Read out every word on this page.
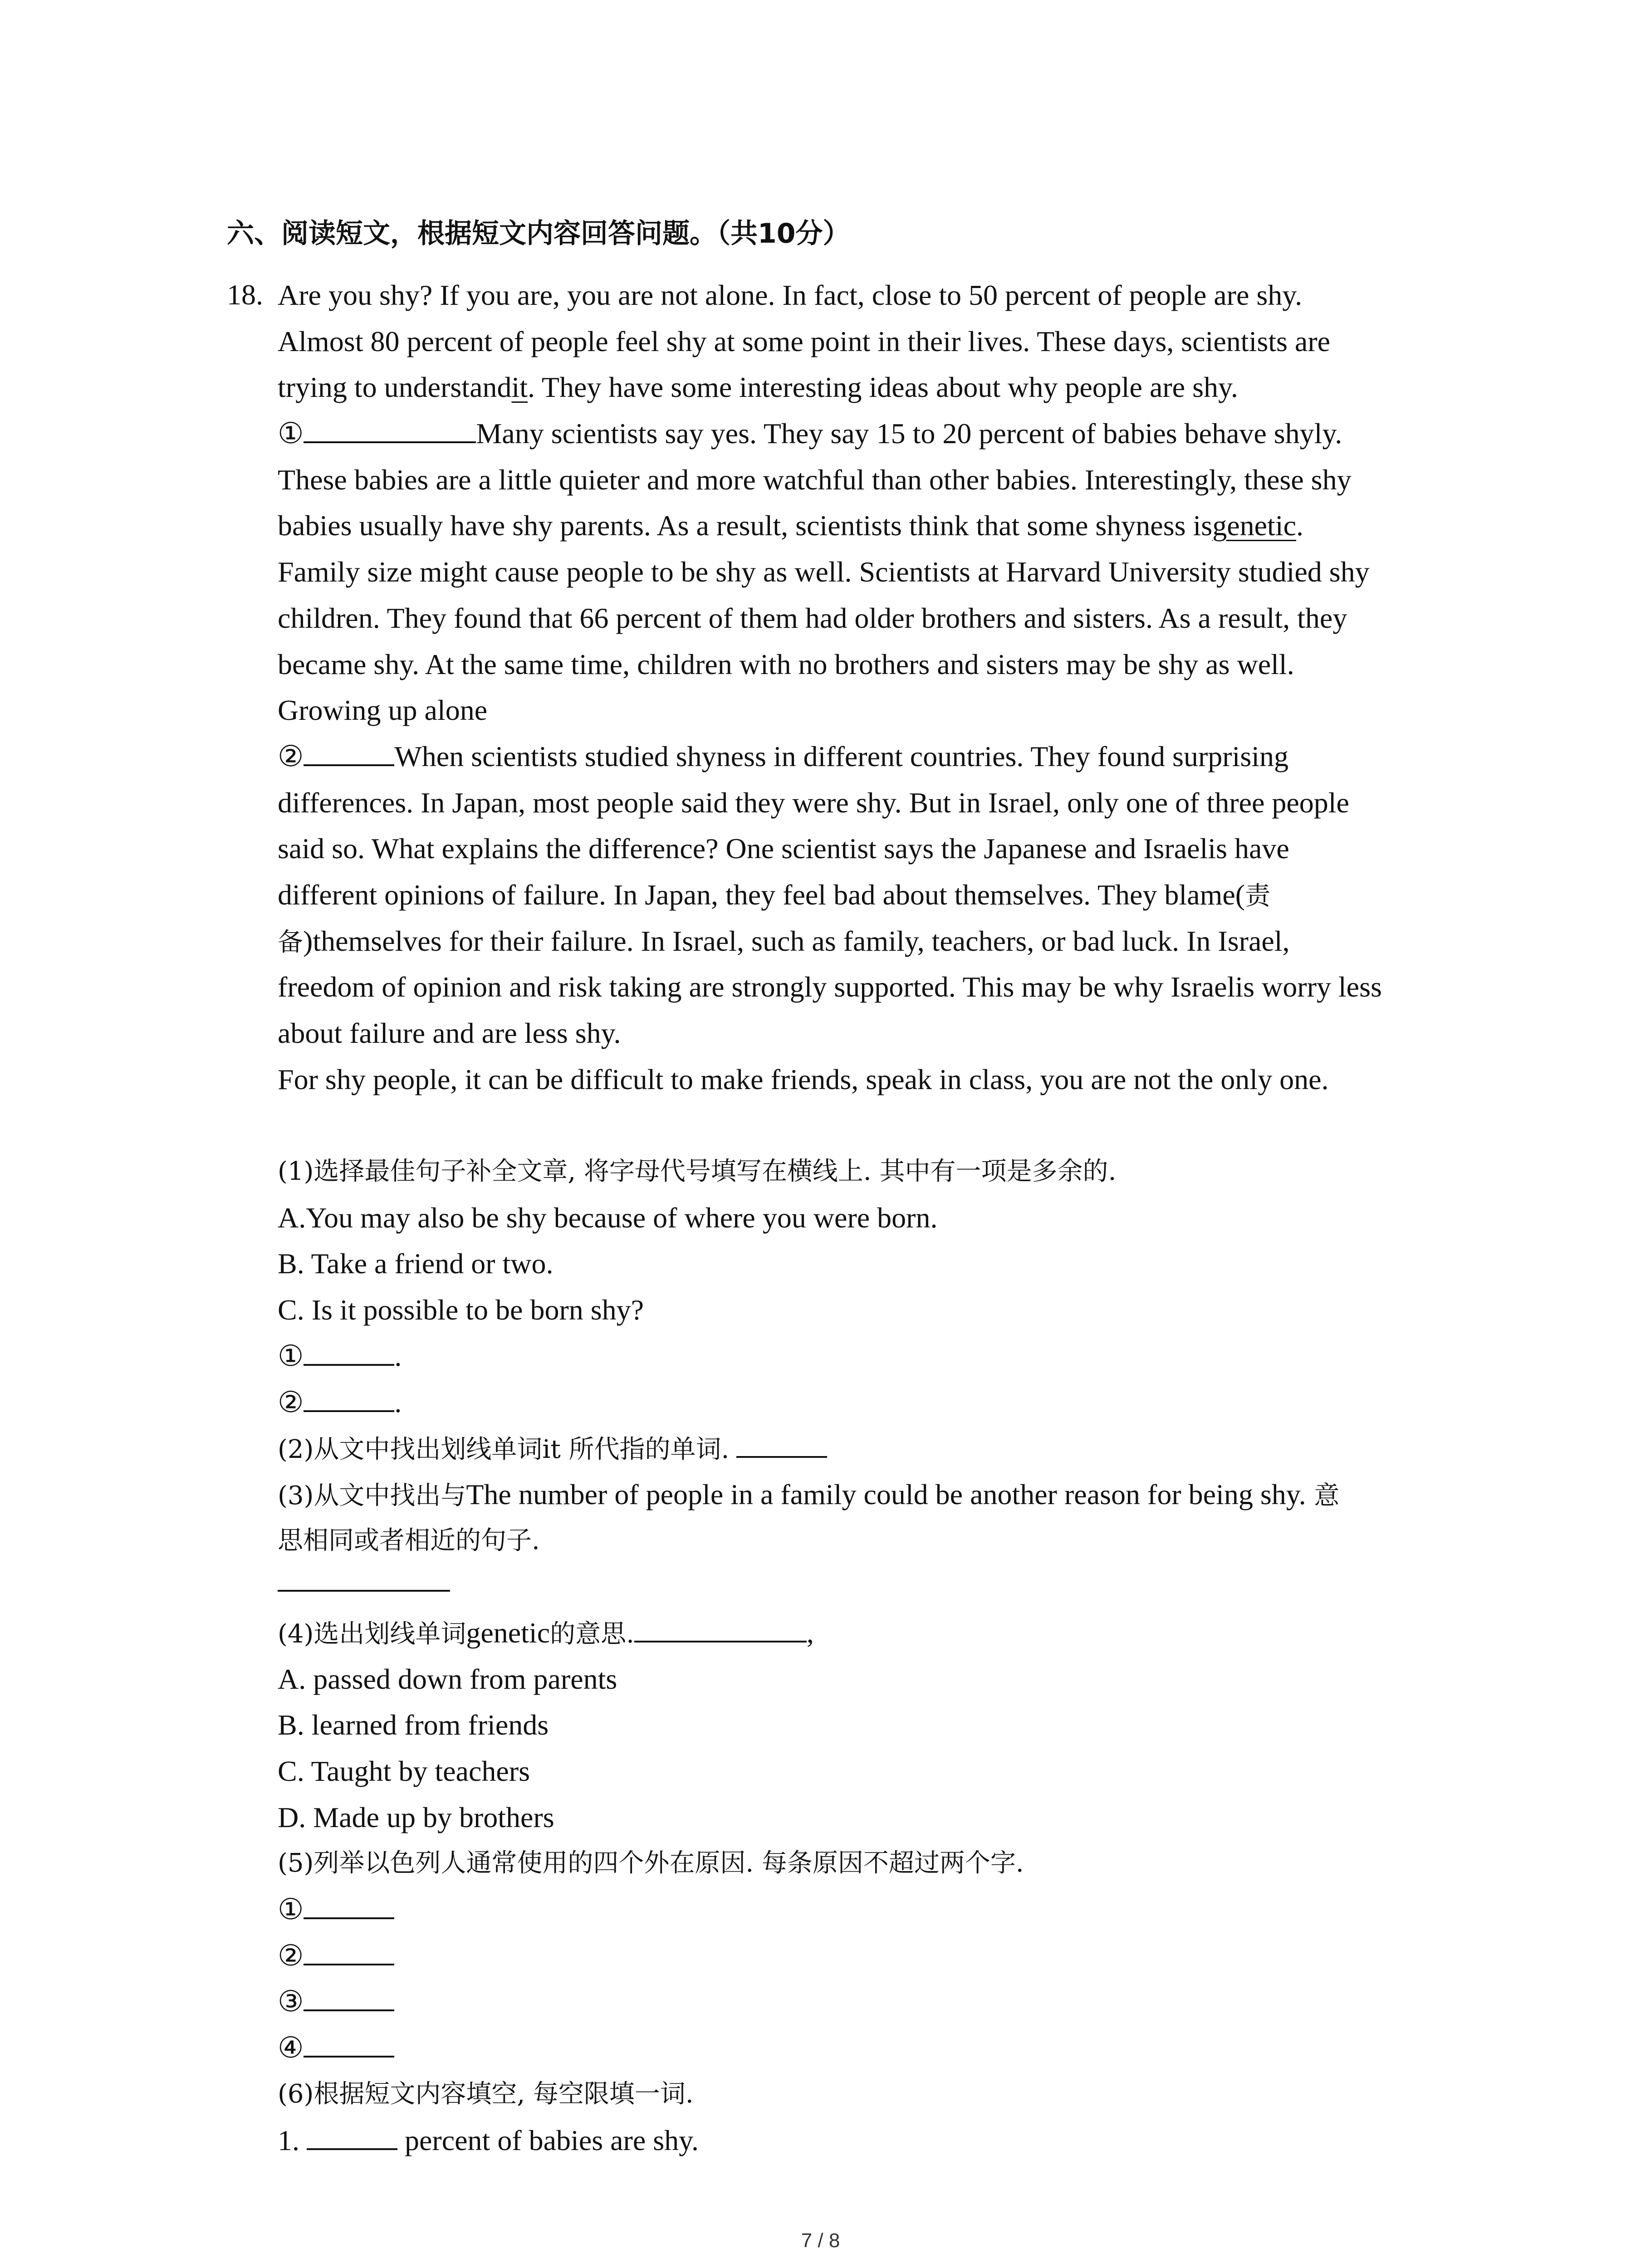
六、阅读短文，根据短文内容回答问题。（共10分）
18. Are you shy? If you are, you are not alone. In fact, close to 50 percent of people are shy.
Almost 80 percent of people feel shy at some point in their lives. These days, scientists are
trying to understandit. They have some interesting ideas about why people are shy.
①	Many scientists say yes. They say 15 to 20 percent of babies behave shyly.
These babies are a little quieter and more watchful than other babies. Interestingly, these shy
babies usually have shy parents. As a result, scientists think that some shyness isgenetic.
Family size might cause people to be shy as well. Scientists at Harvard University studied shy
children. They found that 66 percent of them had older brothers and sisters. As a result, they
became shy. At the same time, children with no brothers and sisters may be shy as well.
Growing up alone
②	When scientists studied shyness in different countries. They found surprising
differences. In Japan, most people said they were shy. But in Israel, only one of three people
said so. What explains the difference? One scientist says the Japanese and Israelis have
different opinions of failure. In Japan, they feel bad about themselves. They blame(责
备)themselves for their failure. In Israel, such as family, teachers, or bad luck. In Israel,
freedom of opinion and risk taking are strongly supported. This may be why Israelis worry less
about failure and are less shy.
For shy people, it can be difficult to make friends, speak in class, you are not the only one.
(1)选择最佳句子补全文章, 将字母代号填写在横线上. 其中有一项是多余的.
A.You may also be shy because of where you were born.
B. Take a friend or two.
C. Is it possible to be born shy?
①	.
②	.
(2)从文中找出划线单词it 所代指的单词.
(3)从文中找出与The number of people in a family could be another reason for being shy. 意
思相同或者相近的句子.
(4)选出划线单词genetic的意思.	,
A. passed down from parents
B. learned from friends
C. Taught by teachers
D. Made up by brothers
(5)列举以色列人通常使用的四个外在原因. 每条原因不超过两个字.
①
②
③
④
(6)根据短文内容填空, 每空限填一词.
1.	percent of babies are shy.
7 / 8
